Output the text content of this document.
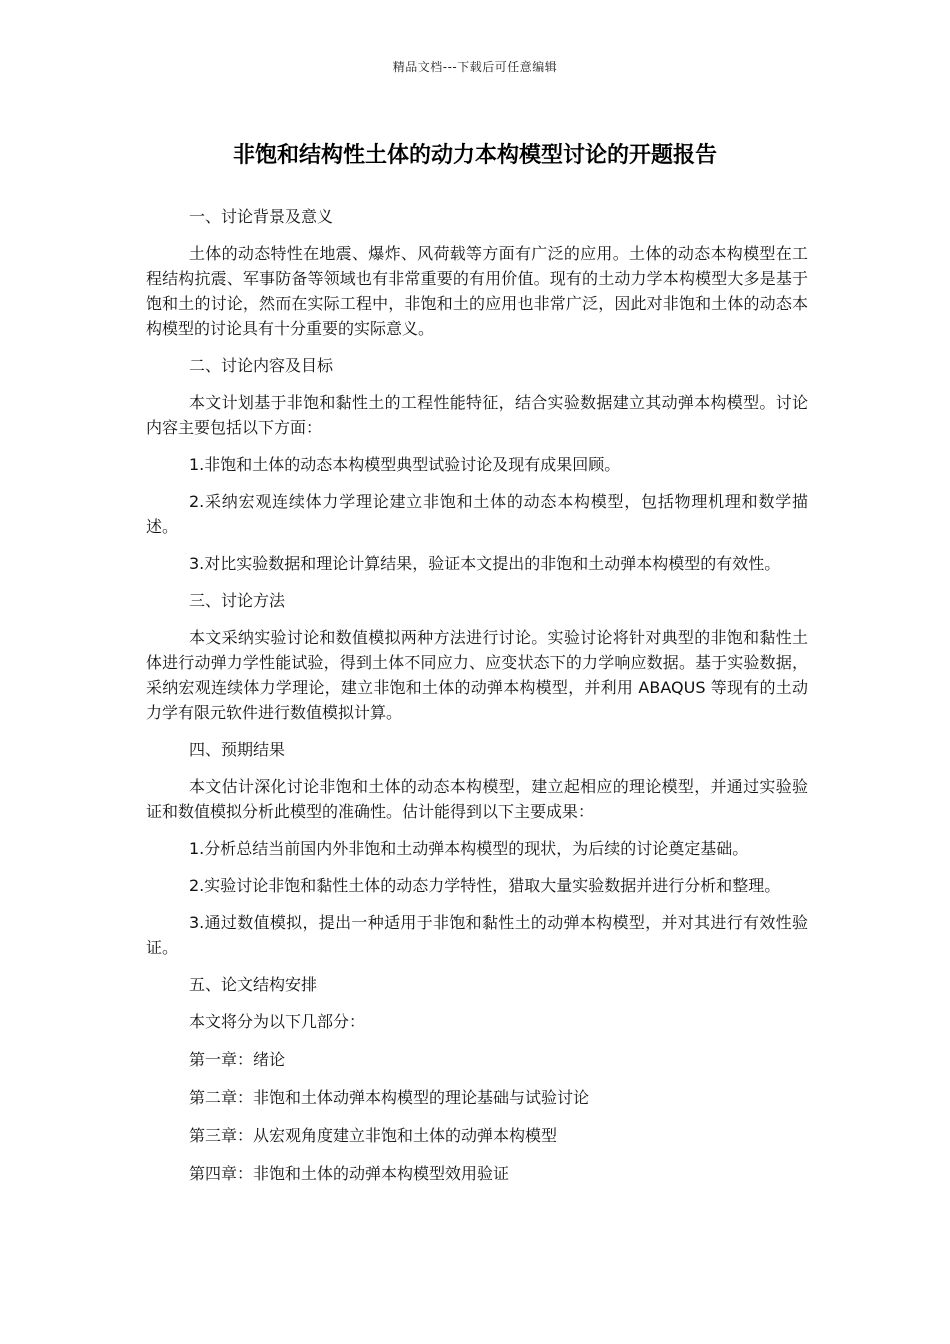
精品文档---下载后可任意编辑
非饱和结构性土体的动力本构模型讨论的开题报告
一、讨论背景及意义
土体的动态特性在地震、爆炸、风荷载等方面有广泛的应用。土体的动态本构模型在工程结构抗震、军事防备等领域也有非常重要的有用价值。现有的土动力学本构模型大多是基于饱和土的讨论，然而在实际工程中，非饱和土的应用也非常广泛，因此对非饱和土体的动态本构模型的讨论具有十分重要的实际意义。
二、讨论内容及目标
本文计划基于非饱和黏性土的工程性能特征，结合实验数据建立其动弹本构模型。讨论内容主要包括以下方面：
1.非饱和土体的动态本构模型典型试验讨论及现有成果回顾。
2.采纳宏观连续体力学理论建立非饱和土体的动态本构模型，包括物理机理和数学描述。
3.对比实验数据和理论计算结果，验证本文提出的非饱和土动弹本构模型的有效性。
三、讨论方法
本文采纳实验讨论和数值模拟两种方法进行讨论。实验讨论将针对典型的非饱和黏性土体进行动弹力学性能试验，得到土体不同应力、应变状态下的力学响应数据。基于实验数据，采纳宏观连续体力学理论，建立非饱和土体的动弹本构模型，并利用 ABAQUS 等现有的土动力学有限元软件进行数值模拟计算。
四、预期结果
本文估计深化讨论非饱和土体的动态本构模型，建立起相应的理论模型，并通过实验验证和数值模拟分析此模型的准确性。估计能得到以下主要成果：
1.分析总结当前国内外非饱和土动弹本构模型的现状，为后续的讨论奠定基础。
2.实验讨论非饱和黏性土体的动态力学特性，猎取大量实验数据并进行分析和整理。
3.通过数值模拟，提出一种适用于非饱和黏性土的动弹本构模型，并对其进行有效性验证。
五、论文结构安排
本文将分为以下几部分：
第一章：绪论
第二章：非饱和土体动弹本构模型的理论基础与试验讨论
第三章：从宏观角度建立非饱和土体的动弹本构模型
第四章：非饱和土体的动弹本构模型效用验证
